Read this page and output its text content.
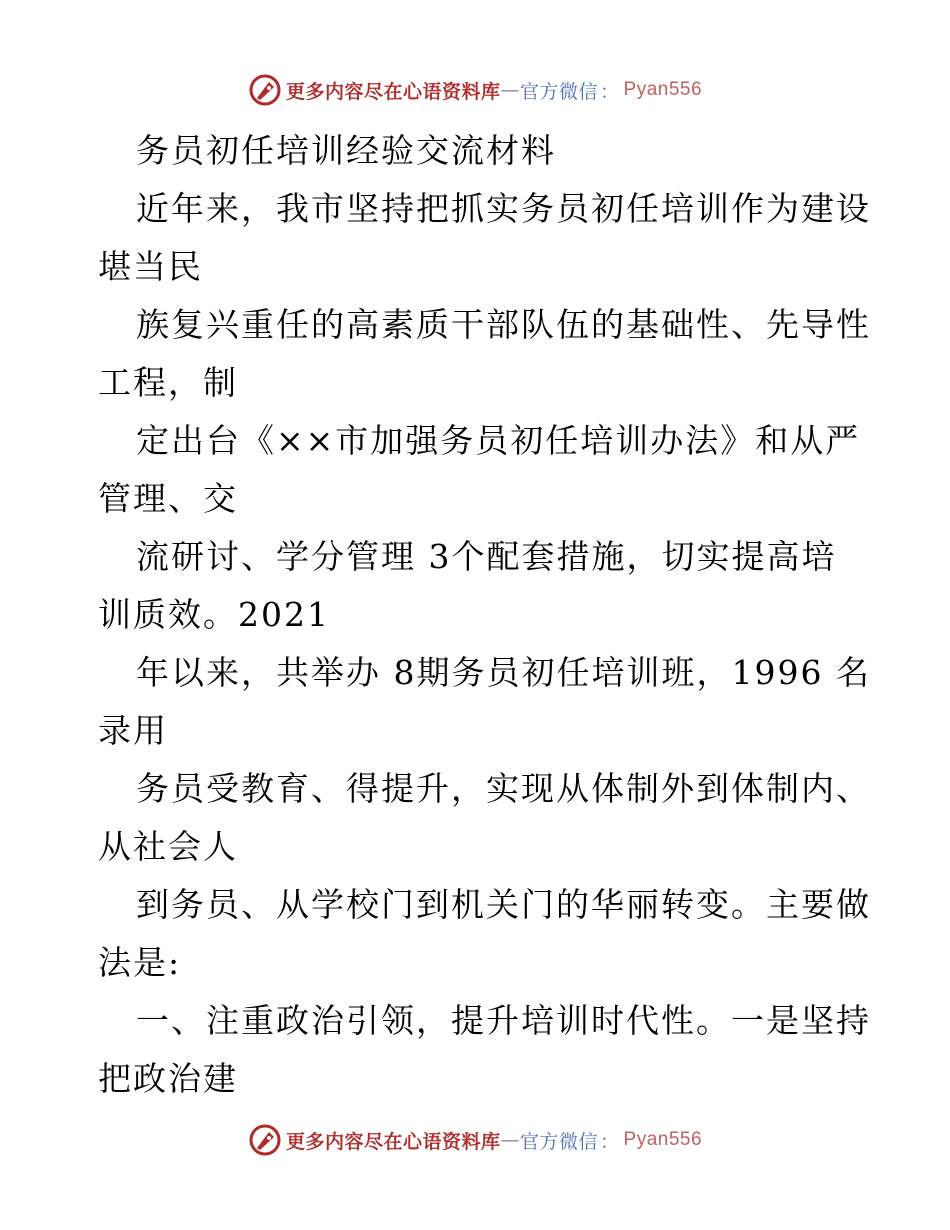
更多内容尽在心语资料库 — 官方微信 ： Pyan556

务员初任培训经验交流材料

近年来，我市坚持把抓实务员初任培训作为建设

堪当民

族复兴重任的高素质干部队伍的基础性、先导性

工程，制

定出台《××市加强务员初任培训办法》和从严

管理、交

流研讨、学分管理 3个配套措施，切实提高培

训质效。2021

年以来，共举办 8期务员初任培训班，1996 名

录用

务员受教育、得提升，实现从体制外到体制内、

从社会人

到务员、从学校门到机关门的华丽转变。主要做

法是:

一、注重政治引领，提升培训时代性。一是坚持

把政治建

更多内容尽在心语资料库 — 官方微信 ： Pyan556
